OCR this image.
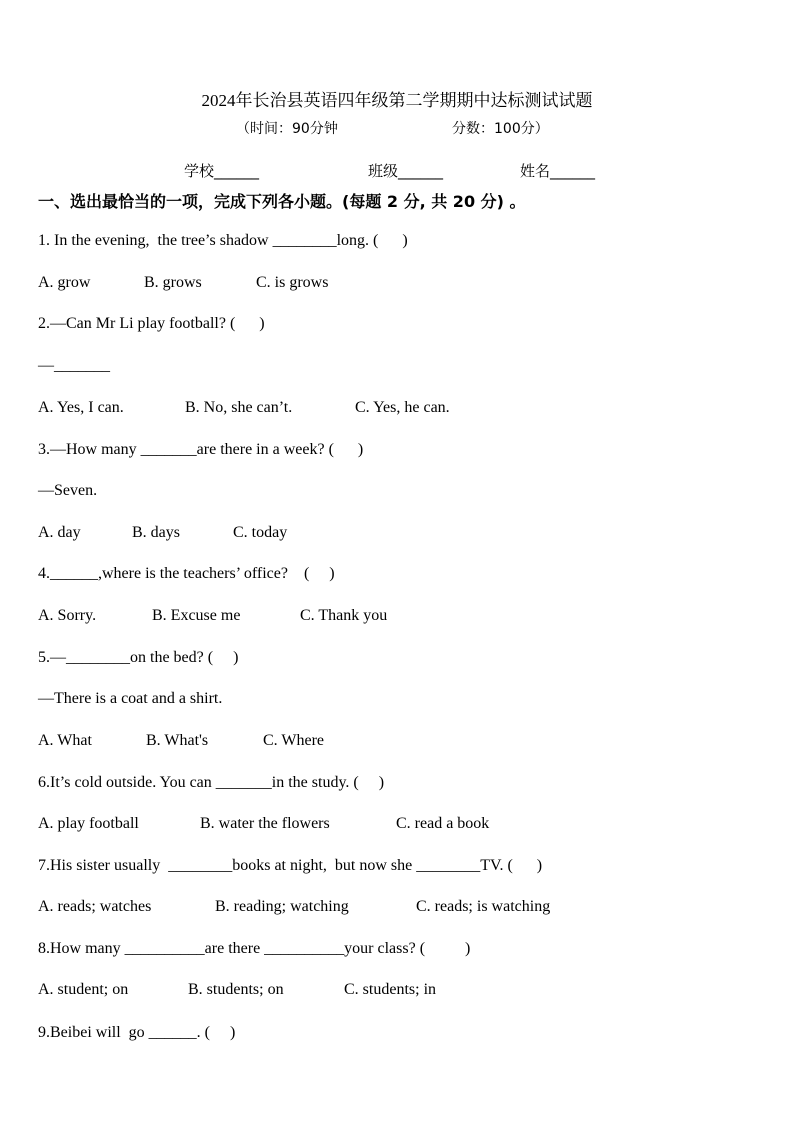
2024年长治县英语四年级第二学期期中达标测试试题
（时间：90分钟	分数：100分）
学校______	班级______	姓名______
一、选出最恰当的一项，完成下列各小题。(每题 2 分, 共 20 分) 。
1. In the evening,  the tree’s shadow ________long. (      )
A. grow	B. grows	C. is grows
2.—Can Mr Li play football? (      )
—_______
A. Yes, I can.	B. No, she can’t.	C. Yes, he can.
3.—How many _______are there in a week? (      )
—Seven.
A. day	B. days	C. today
4.______,where is the teachers’ office?    (     )
A. Sorry.	B. Excuse me	C. Thank you
5.—________on the bed? (     )
—There is a coat and a shirt.
A. What	B. What's	C. Where
6.It’s cold outside. You can _______in the study. (     )
A. play football	B. water the flowers	C. read a book
7.His sister usually  ________books at night,  but now she ________TV. (      )
A. reads; watches	B. reading; watching	C. reads; is watching
8.How many __________are there __________your class? (          )
A. student; on	B. students; on	C. students; in
9.Beibei will  go ______. (     )
